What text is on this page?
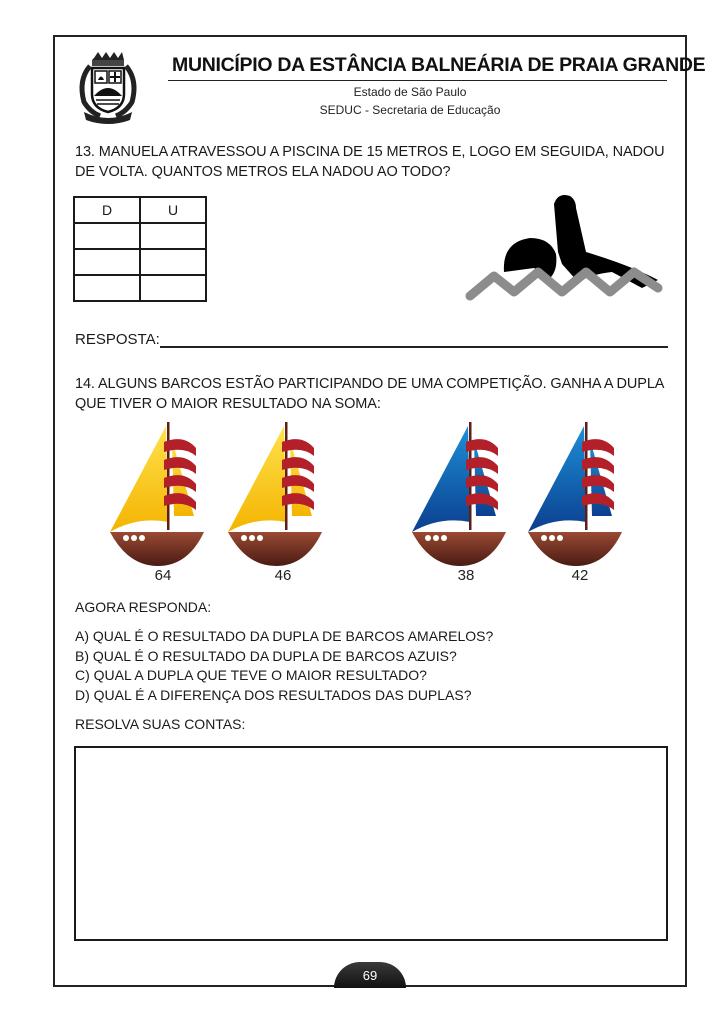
MUNICÍPIO DA ESTÂNCIA BALNEÁRIA DE PRAIA GRANDE
Estado de São Paulo
SEDUC - Secretaria de Educação
13. MANUELA ATRAVESSOU A PISCINA DE 15 METROS E, LOGO EM SEGUIDA, NADOU DE VOLTA. QUANTOS METROS ELA NADOU AO TODO?
D	U

RESPOSTA:
14. ALGUNS BARCOS ESTÃO PARTICIPANDO DE UMA COMPETIÇÃO. GANHA A DUPLA QUE TIVER O MAIOR RESULTADO NA SOMA:
64	46	38	42
AGORA RESPONDA:
A) QUAL É O RESULTADO DA DUPLA DE BARCOS AMARELOS?
B) QUAL É O RESULTADO DA DUPLA DE BARCOS AZUIS?
C) QUAL A DUPLA QUE TEVE O MAIOR RESULTADO?
D) QUAL É A DIFERENÇA DOS RESULTADOS DAS DUPLAS?
RESOLVA SUAS CONTAS:
69
